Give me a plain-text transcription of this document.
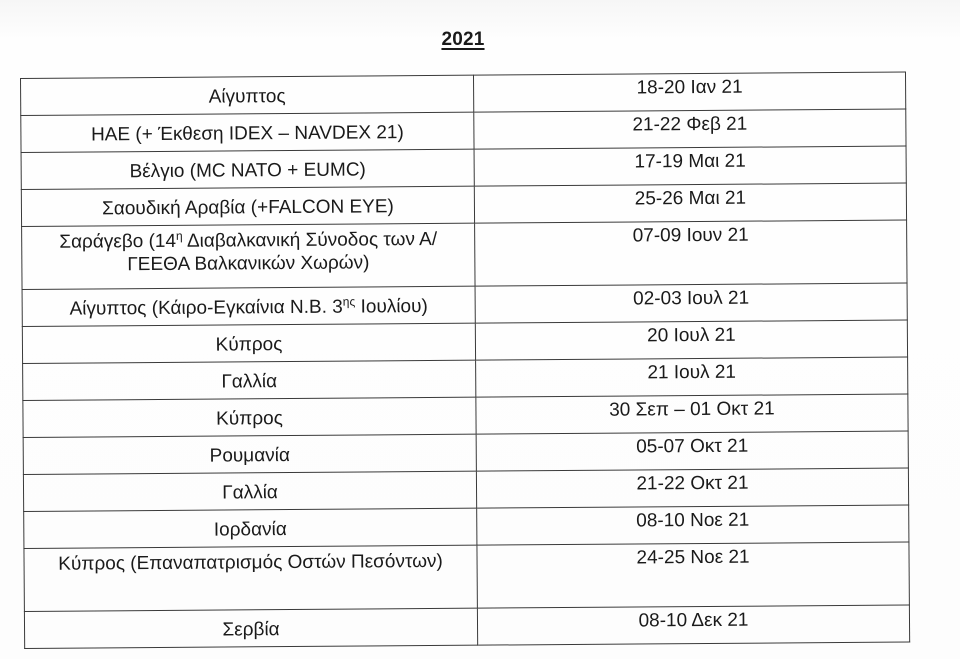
2021
Αίγυπτος	18-20 Ιαν 21
ΗΑΕ (+ Έκθεση IDEX – NAVDEX 21)	21-22 Φεβ 21
Βέλγιο (MC NATO + EUMC)	17-19 Μαι 21
Σαουδική Αραβία (+FALCON EYE)	25-26 Μαι 21
Σαράγεβο ($14^\eta$ Διαβαλκανική Σύνοδος των Α/ΓΕΕΘΑ Βαλκανικών Χωρών)	07-09 Ιουν 21
Αίγυπτος (Κάιρο-Εγκαίνια Ν.Β. $3^{\eta\varsigma}$ Ιουλίου)	02-03 Ιουλ 21
Κύπρος	20 Ιουλ 21
Γαλλία	21 Ιουλ 21
Κύπρος	30 Σεπ – 01 Οκτ 21
Ρουμανία	05-07 Οκτ 21
Γαλλία	21-22 Οκτ 21
Ιορδανία	08-10 Νοε 21
Κύπρος (Επαναπατρισμός Οστών Πεσόντων)	24-25 Νοε 21
Σερβία	08-10 Δεκ 21
